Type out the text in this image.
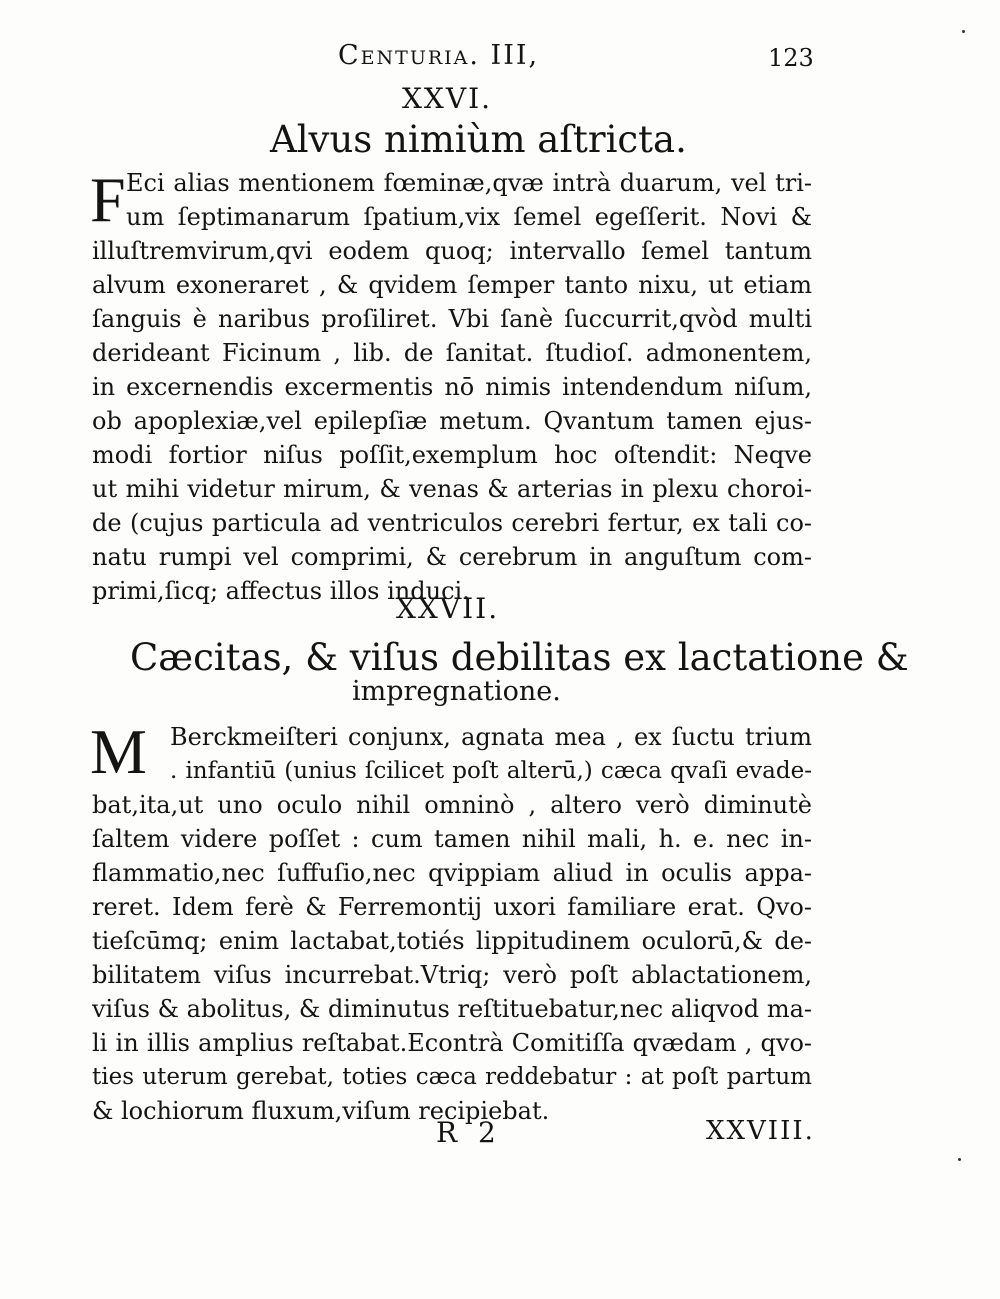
Centuria. III,	123
XXVI.
Alvus nimiùm aſtricta.
F Eci alias mentionem fœminæ,qvæ intrà duarum, vel tri-
um ſeptimanarum ſpatium,vix ſemel egeſſerit. Novi &
illuſtremvirum,qvi eodem quoq; intervallo ſemel tantum
alvum exoneraret , & qvidem ſemper tanto nixu, ut etiam
ſanguis è naribus proſiliret. Vbi ſanè ſuccurrit,qvòd multi
derideant Ficinum , lib. de ſanitat. ſtudioſ. admonentem,
in excernendis excermentis nō nimis intendendum niſum,
ob apoplexiæ,vel epilepſiæ metum. Qvantum tamen ejus-
modi fortior niſus poſſit,exemplum hoc oſtendit: Neqve
ut mihi videtur mirum, & venas & arterias in plexu choroi-
de (cujus particula ad ventriculos cerebri fertur, ex tali co-
natu rumpi vel comprimi, & cerebrum in anguſtum com-
primi,ſicq; affectus illos induci.
XXVII.
Cæcitas, & viſus debilitas ex lactatione &
impregnatione.
M Berckmeiſteri conjunx, agnata mea , ex ſuctu trium
. infantiū (unius ſcilicet poſt alterū,) cæca qvaſi evade-
bat,ita,ut uno oculo nihil omninò , altero verò diminutè
ſaltem videre poſſet : cum tamen nihil mali, h. e. nec in-
flammatio,nec ſuffuſio,nec qvippiam aliud in oculis appa-
reret. Idem ferè & Ferremontij uxori familiare erat. Qvo-
tieſcūmq; enim lactabat,totiés lippitudinem oculorū,& de-
bilitatem viſus incurrebat.Vtriq; verò poſt ablactationem,
viſus & abolitus, & diminutus reſtituebatur,nec aliqvod ma-
li in illis amplius reſtabat.Econtrà Comitiſſa qvædam , qvo-
ties uterum gerebat, toties cæca reddebatur : at poſt partum
& lochiorum fluxum,viſum recipiebat.
R 2	XXVIII.
